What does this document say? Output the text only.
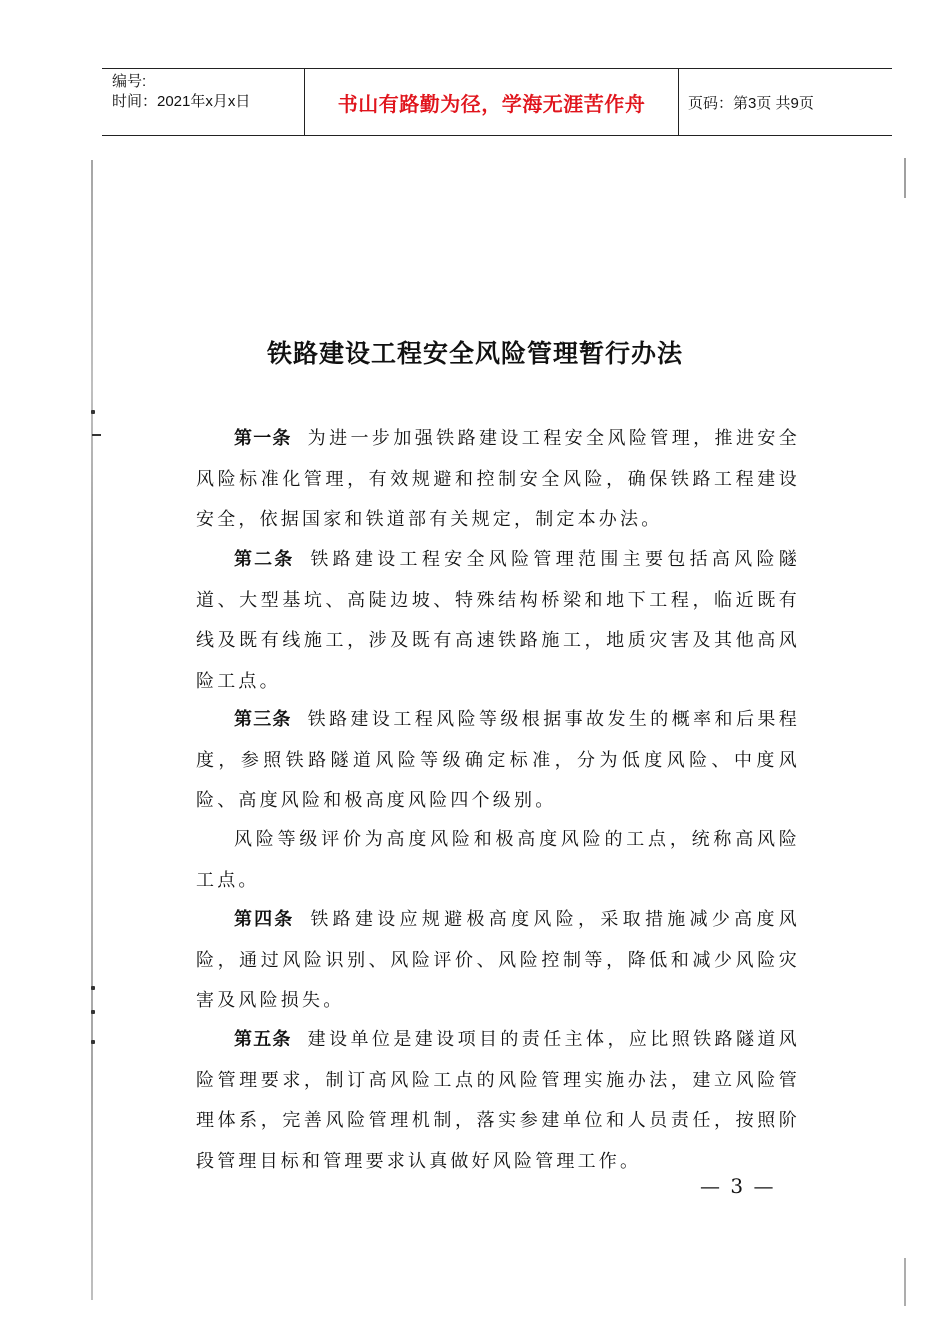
编号:
时间：2021年x月x日	书山有路勤为径，学海无涯苦作舟	页码：第3页 共9页
铁路建设工程安全风险管理暂行办法

第一条 为进一步加强铁路建设工程安全风险管理，推进安全风险标准化管理，有效规避和控制安全风险，确保铁路工程建设安全，依据国家和铁道部有关规定，制定本办法。

第二条 铁路建设工程安全风险管理范围主要包括高风险隧道、大型基坑、高陡边坡、特殊结构桥梁和地下工程，临近既有线及既有线施工，涉及既有高速铁路施工，地质灾害及其他高风险工点。

第三条 铁路建设工程风险等级根据事故发生的概率和后果程度，参照铁路隧道风险等级确定标准，分为低度风险、中度风险、高度风险和极高度风险四个级别。

风险等级评价为高度风险和极高度风险的工点，统称高风险工点。

第四条 铁路建设应规避极高度风险，采取措施减少高度风险，通过风险识别、风险评价、风险控制等，降低和减少风险灾害及风险损失。

第五条 建设单位是建设项目的责任主体，应比照铁路隧道风险管理要求，制订高风险工点的风险管理实施办法，建立风险管理体系，完善风险管理机制，落实参建单位和人员责任，按照阶段管理目标和管理要求认真做好风险管理工作。

— 3 —
